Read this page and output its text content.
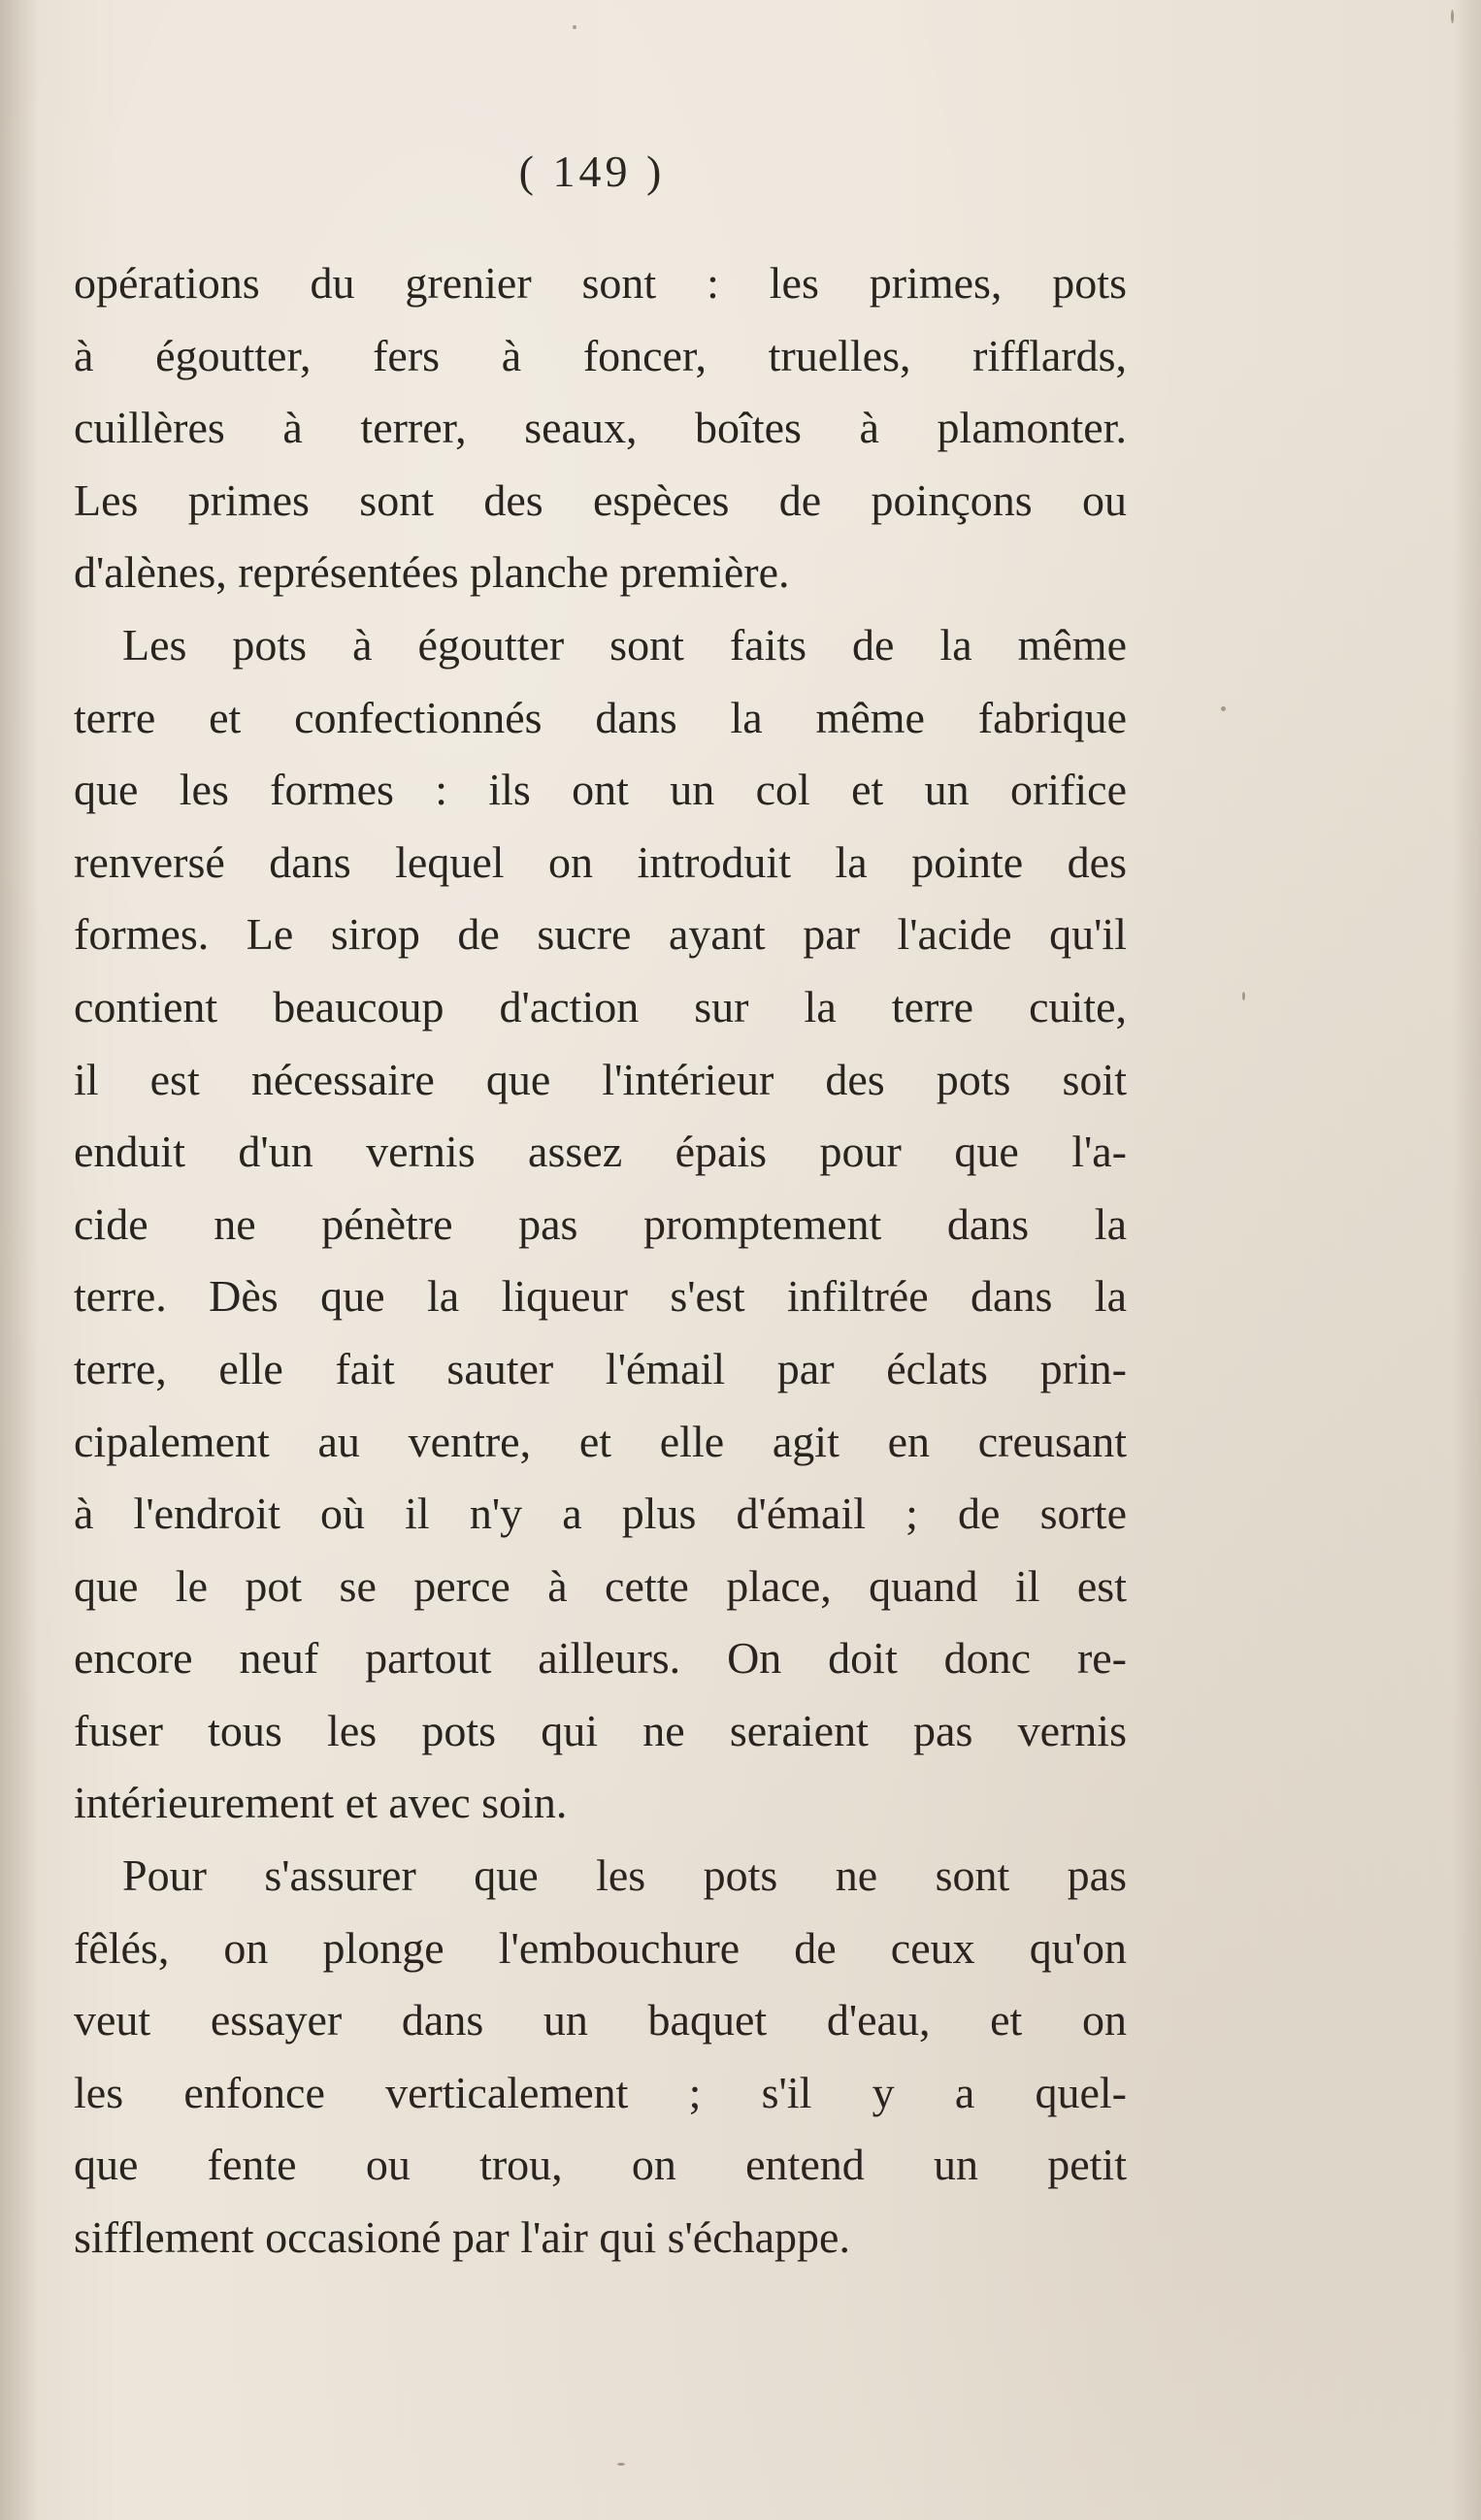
( 149 )
opérations du grenier sont : les primes, pots
à égoutter, fers à foncer, truelles, rifflards,
cuillères à terrer, seaux, boîtes à plamonter.
Les primes sont des espèces de poinçons ou
d'alènes, représentées planche première.
Les pots à égoutter sont faits de la même
terre et confectionnés dans la même fabrique
que les formes : ils ont un col et un orifice
renversé dans lequel on introduit la pointe des
formes. Le sirop de sucre ayant par l'acide qu'il
contient beaucoup d'action sur la terre cuite,
il est nécessaire que l'intérieur des pots soit
enduit d'un vernis assez épais pour que l'a-
cide ne pénètre pas promptement dans la
terre. Dès que la liqueur s'est infiltrée dans la
terre, elle fait sauter l'émail par éclats prin-
cipalement au ventre, et elle agit en creusant
à l'endroit où il n'y a plus d'émail ; de sorte
que le pot se perce à cette place, quand il est
encore neuf partout ailleurs. On doit donc re-
fuser tous les pots qui ne seraient pas vernis
intérieurement et avec soin.
Pour s'assurer que les pots ne sont pas
fêlés, on plonge l'embouchure de ceux qu'on
veut essayer dans un baquet d'eau, et on
les enfonce verticalement ; s'il y a quel-
que fente ou trou, on entend un petit
sifflement occasioné par l'air qui s'échappe.
